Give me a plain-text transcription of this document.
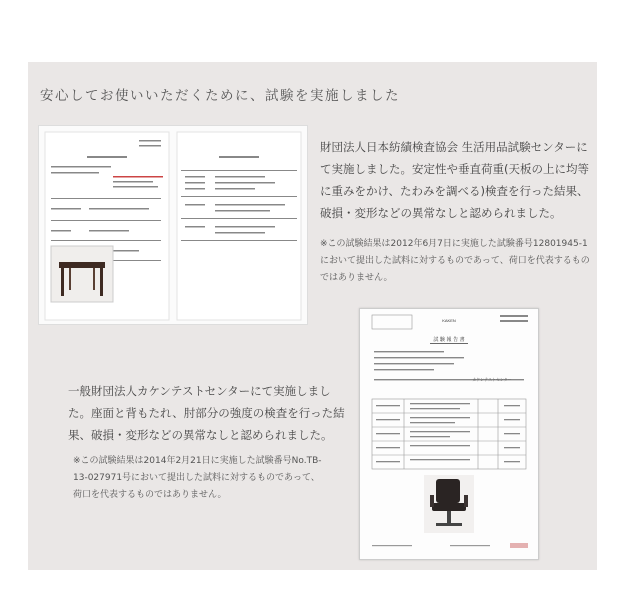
安心してお使いいただくために、試験を実施しました

財団法人日本紡績検査協会 生活用品試験センターにて実施しました。安定性や垂直荷重(天板の上に均等に重みをかけ、たわみを調べる)検査を行った結果、破損・変形などの異常なしと認められました。

※この試験結果は2012年6月7日に実施した試験番号12801945-1において提出した試料に対するものであって、荷口を代表するものではありません。

KAKEN
試 験 報 告 書
カケンテストセンター

一般財団法人カケンテストセンターにて実施しました。座面と背もたれ、肘部分の強度の検査を行った結果、破損・変形などの異常なしと認められました。

※この試験結果は2014年2月21日に実施した試験番号No.TB-13-027971号において提出した試料に対するものであって、荷口を代表するものではありません。
